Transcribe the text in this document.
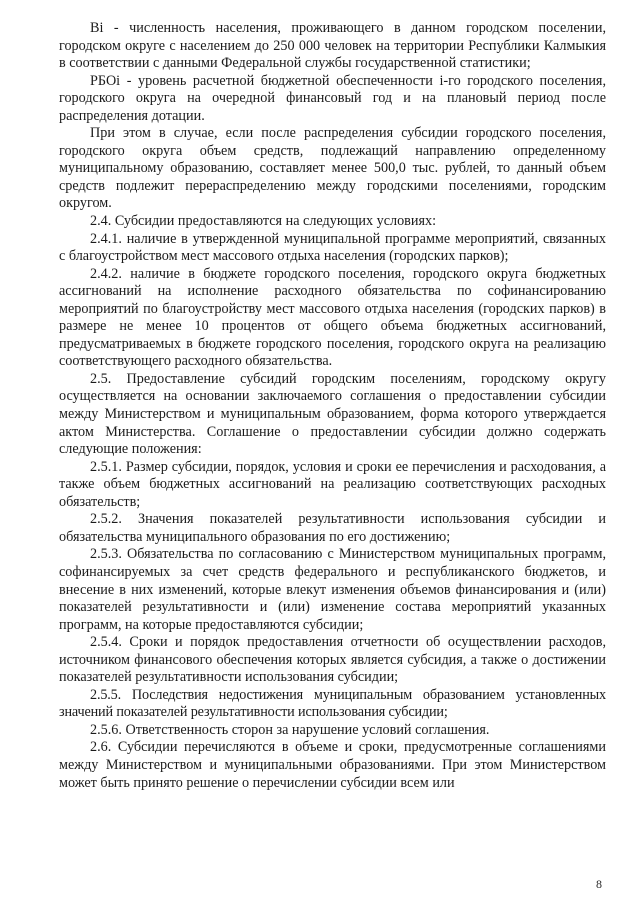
Bi - численность населения, проживающего в данном городском поселении, городском округе с населением до 250 000 человек на территории Республики Калмыкия в соответствии с данными Федеральной службы государственной статистики;

РБОi - уровень расчетной бюджетной обеспеченности i-го городского поселения, городского округа на очередной финансовый год и на плановый период после распределения дотации.

При этом в случае, если после распределения субсидии городского поселения, городского округа объем средств, подлежащий направлению определенному муниципальному образованию, составляет менее 500,0 тыс. рублей, то данный объем средств подлежит перераспределению между городскими поселениями, городским округом.

2.4. Субсидии предоставляются на следующих условиях:

2.4.1. наличие в утвержденной муниципальной программе мероприятий, связанных с благоустройством мест массового отдыха населения (городских парков);

2.4.2. наличие в бюджете городского поселения, городского округа бюджетных ассигнований на исполнение расходного обязательства по софинансированию мероприятий по благоустройству мест массового отдыха населения (городских парков) в размере не менее 10 процентов от общего объема бюджетных ассигнований, предусматриваемых в бюджете городского поселения, городского округа на реализацию соответствующего расходного обязательства.

2.5. Предоставление субсидий городским поселениям, городскому округу осуществляется на основании заключаемого соглашения о предоставлении субсидии между Министерством и муниципальным образованием, форма которого утверждается актом Министерства. Соглашение о предоставлении субсидии должно содержать следующие положения:

2.5.1. Размер субсидии, порядок, условия и сроки ее перечисления и расходования, а также объем бюджетных ассигнований на реализацию соответствующих расходных обязательств;

2.5.2. Значения показателей результативности использования субсидии и обязательства муниципального образования по его достижению;

2.5.3. Обязательства по согласованию с Министерством муниципальных программ, софинансируемых за счет средств федерального и республиканского бюджетов, и внесение в них изменений, которые влекут изменения объемов финансирования и (или) показателей результативности и (или) изменение состава мероприятий указанных программ, на которые предоставляются субсидии;

2.5.4. Сроки и порядок предоставления отчетности об осуществлении расходов, источником финансового обеспечения которых является субсидия, а также о достижении показателей результативности использования субсидии;

2.5.5. Последствия недостижения муниципальным образованием установленных значений показателей результативности использования субсидии;

2.5.6. Ответственность сторон за нарушение условий соглашения.

2.6. Субсидии перечисляются в объеме и сроки, предусмотренные соглашениями между Министерством и муниципальными образованиями. При этом Министерством может быть принято решение о перечислении субсидии всем или

8
